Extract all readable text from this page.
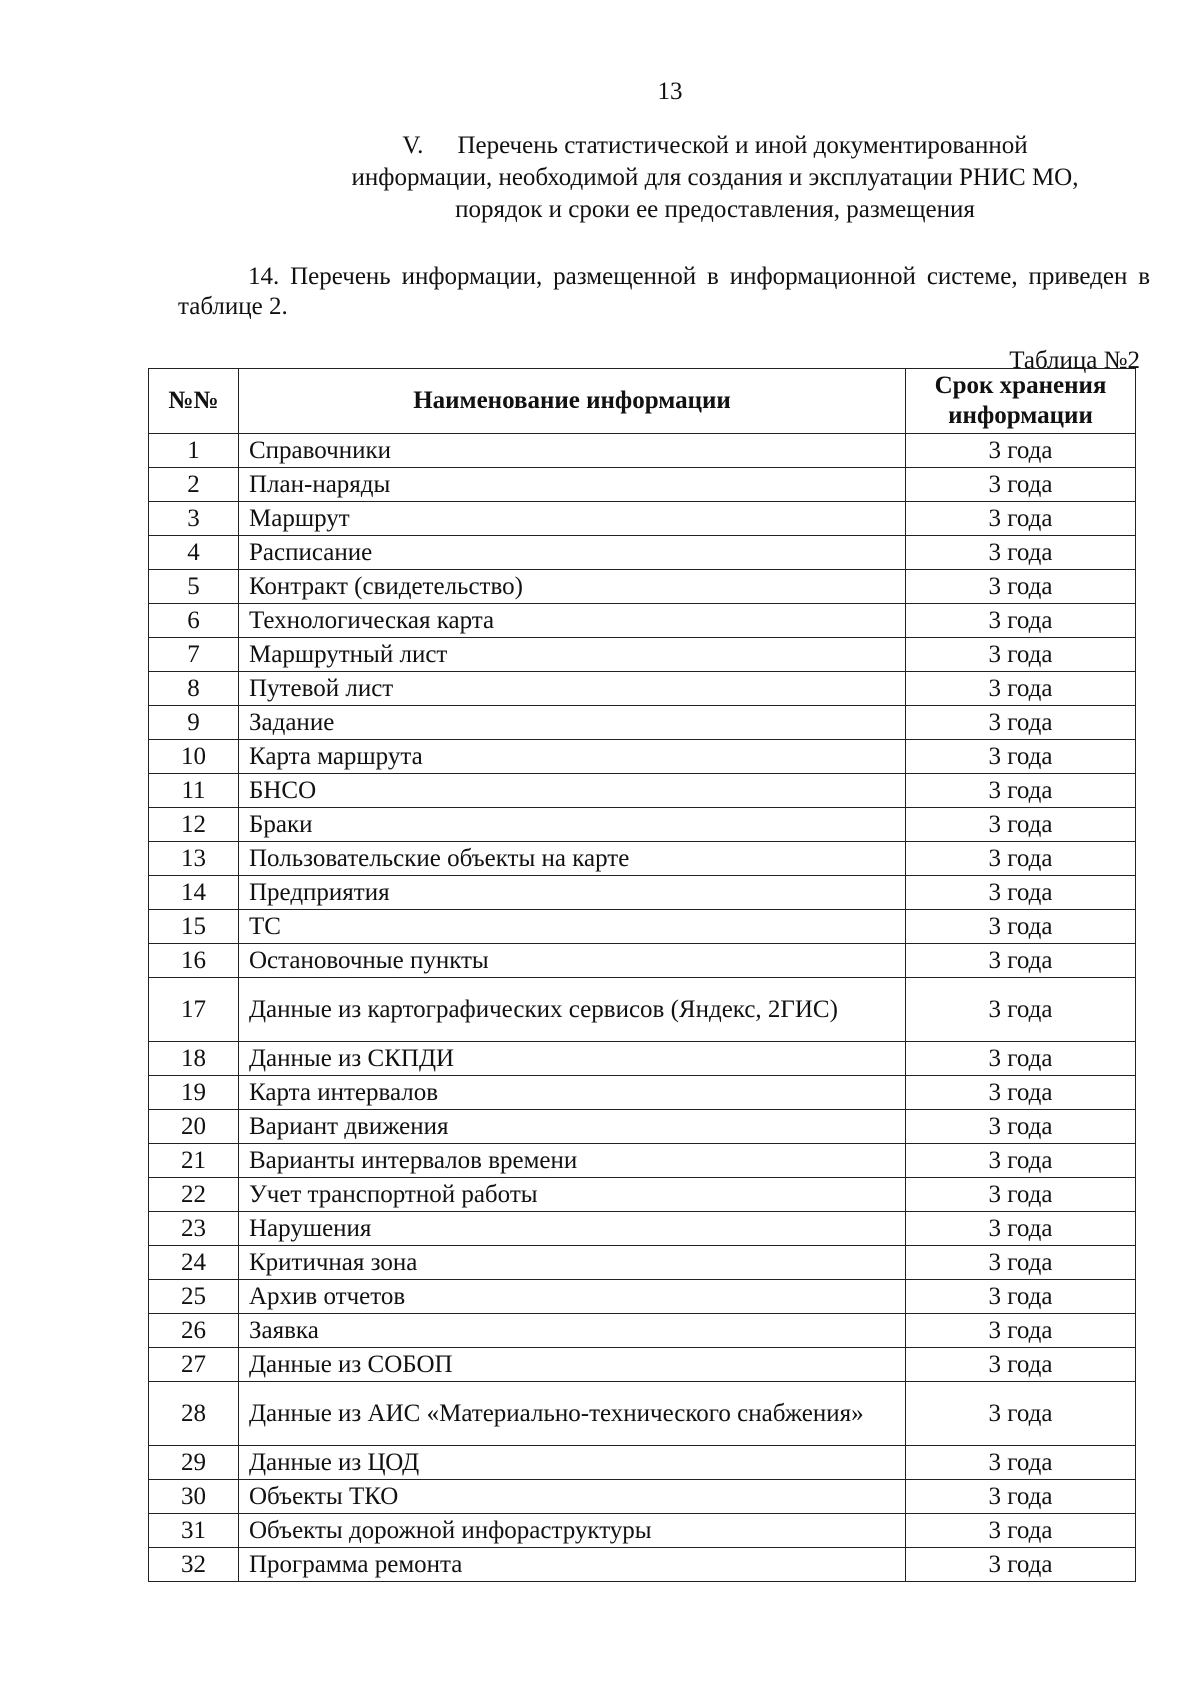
13
V. Перечень статистической и иной документированной
информации, необходимой для создания и эксплуатации РНИС МО,
порядок и сроки ее предоставления, размещения
14. Перечень информации, размещенной в информационной системе, приведен в таблице 2.
Таблица №2
№№	Наименование информации	Срок хранения информации
1	Справочники	3 года
2	План-наряды	3 года
3	Маршрут	3 года
4	Расписание	3 года
5	Контракт (свидетельство)	3 года
6	Технологическая карта	3 года
7	Маршрутный лист	3 года
8	Путевой лист	3 года
9	Задание	3 года
10	Карта маршрута	3 года
11	БНСО	3 года
12	Браки	3 года
13	Пользовательские объекты на карте	3 года
14	Предприятия	3 года
15	ТС	3 года
16	Остановочные пункты	3 года
17	Данные из картографических сервисов (Яндекс, 2ГИС)	3 года
18	Данные из СКПДИ	3 года
19	Карта интервалов	3 года
20	Вариант движения	3 года
21	Варианты интервалов времени	3 года
22	Учет транспортной работы	3 года
23	Нарушения	3 года
24	Критичная зона	3 года
25	Архив отчетов	3 года
26	Заявка	3 года
27	Данные из СОБОП	3 года
28	Данные из АИС «Материально-технического снабжения»	3 года
29	Данные из ЦОД	3 года
30	Объекты ТКО	3 года
31	Объекты дорожной инфораструктуры	3 года
32	Программа ремонта	3 года
